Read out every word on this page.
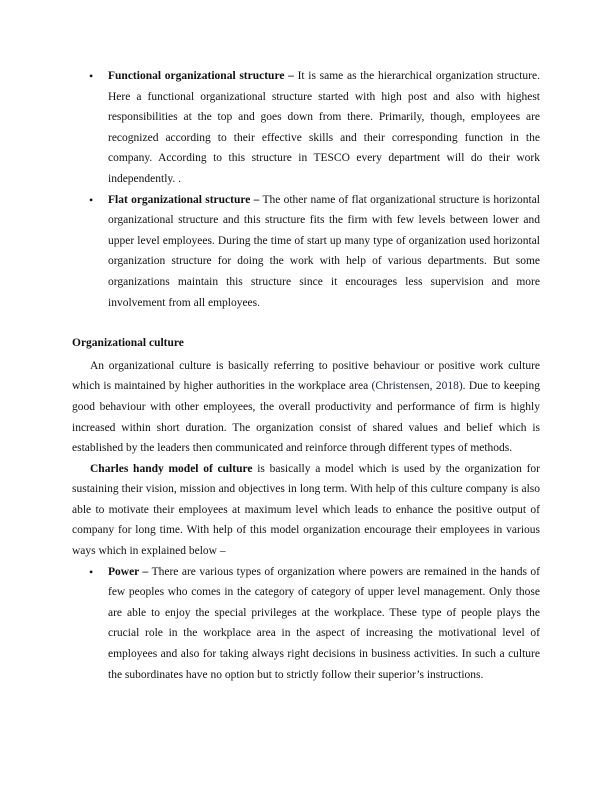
• Functional organizational structure – It is same as the hierarchical organization structure. Here a functional organizational structure started with high post and also with highest responsibilities at the top and goes down from there. Primarily, though, employees are recognized according to their effective skills and their corresponding function in the company. According to this structure in TESCO every department will do their work independently. .
• Flat organizational structure – The other name of flat organizational structure is horizontal organizational structure and this structure fits the firm with few levels between lower and upper level employees. During the time of start up many type of organization used horizontal organization structure for doing the work with help of various departments. But some organizations maintain this structure since it encourages less supervision and more involvement from all employees.
Organizational culture

An organizational culture is basically referring to positive behaviour or positive work culture which is maintained by higher authorities in the workplace area (Christensen, 2018). Due to keeping good behaviour with other employees, the overall productivity and performance of firm is highly increased within short duration. The organization consist of shared values and belief which is established by the leaders then communicated and reinforce through different types of methods.

Charles handy model of culture is basically a model which is used by the organization for sustaining their vision, mission and objectives in long term. With help of this culture company is also able to motivate their employees at maximum level which leads to enhance the positive output of company for long time. With help of this model organization encourage their employees in various ways which in explained below –

• Power – There are various types of organization where powers are remained in the hands of few peoples who comes in the category of category of upper level management. Only those are able to enjoy the special privileges at the workplace. These type of people plays the crucial role in the workplace area in the aspect of increasing the motivational level of employees and also for taking always right decisions in business activities. In such a culture the subordinates have no option but to strictly follow their superior’s instructions.
